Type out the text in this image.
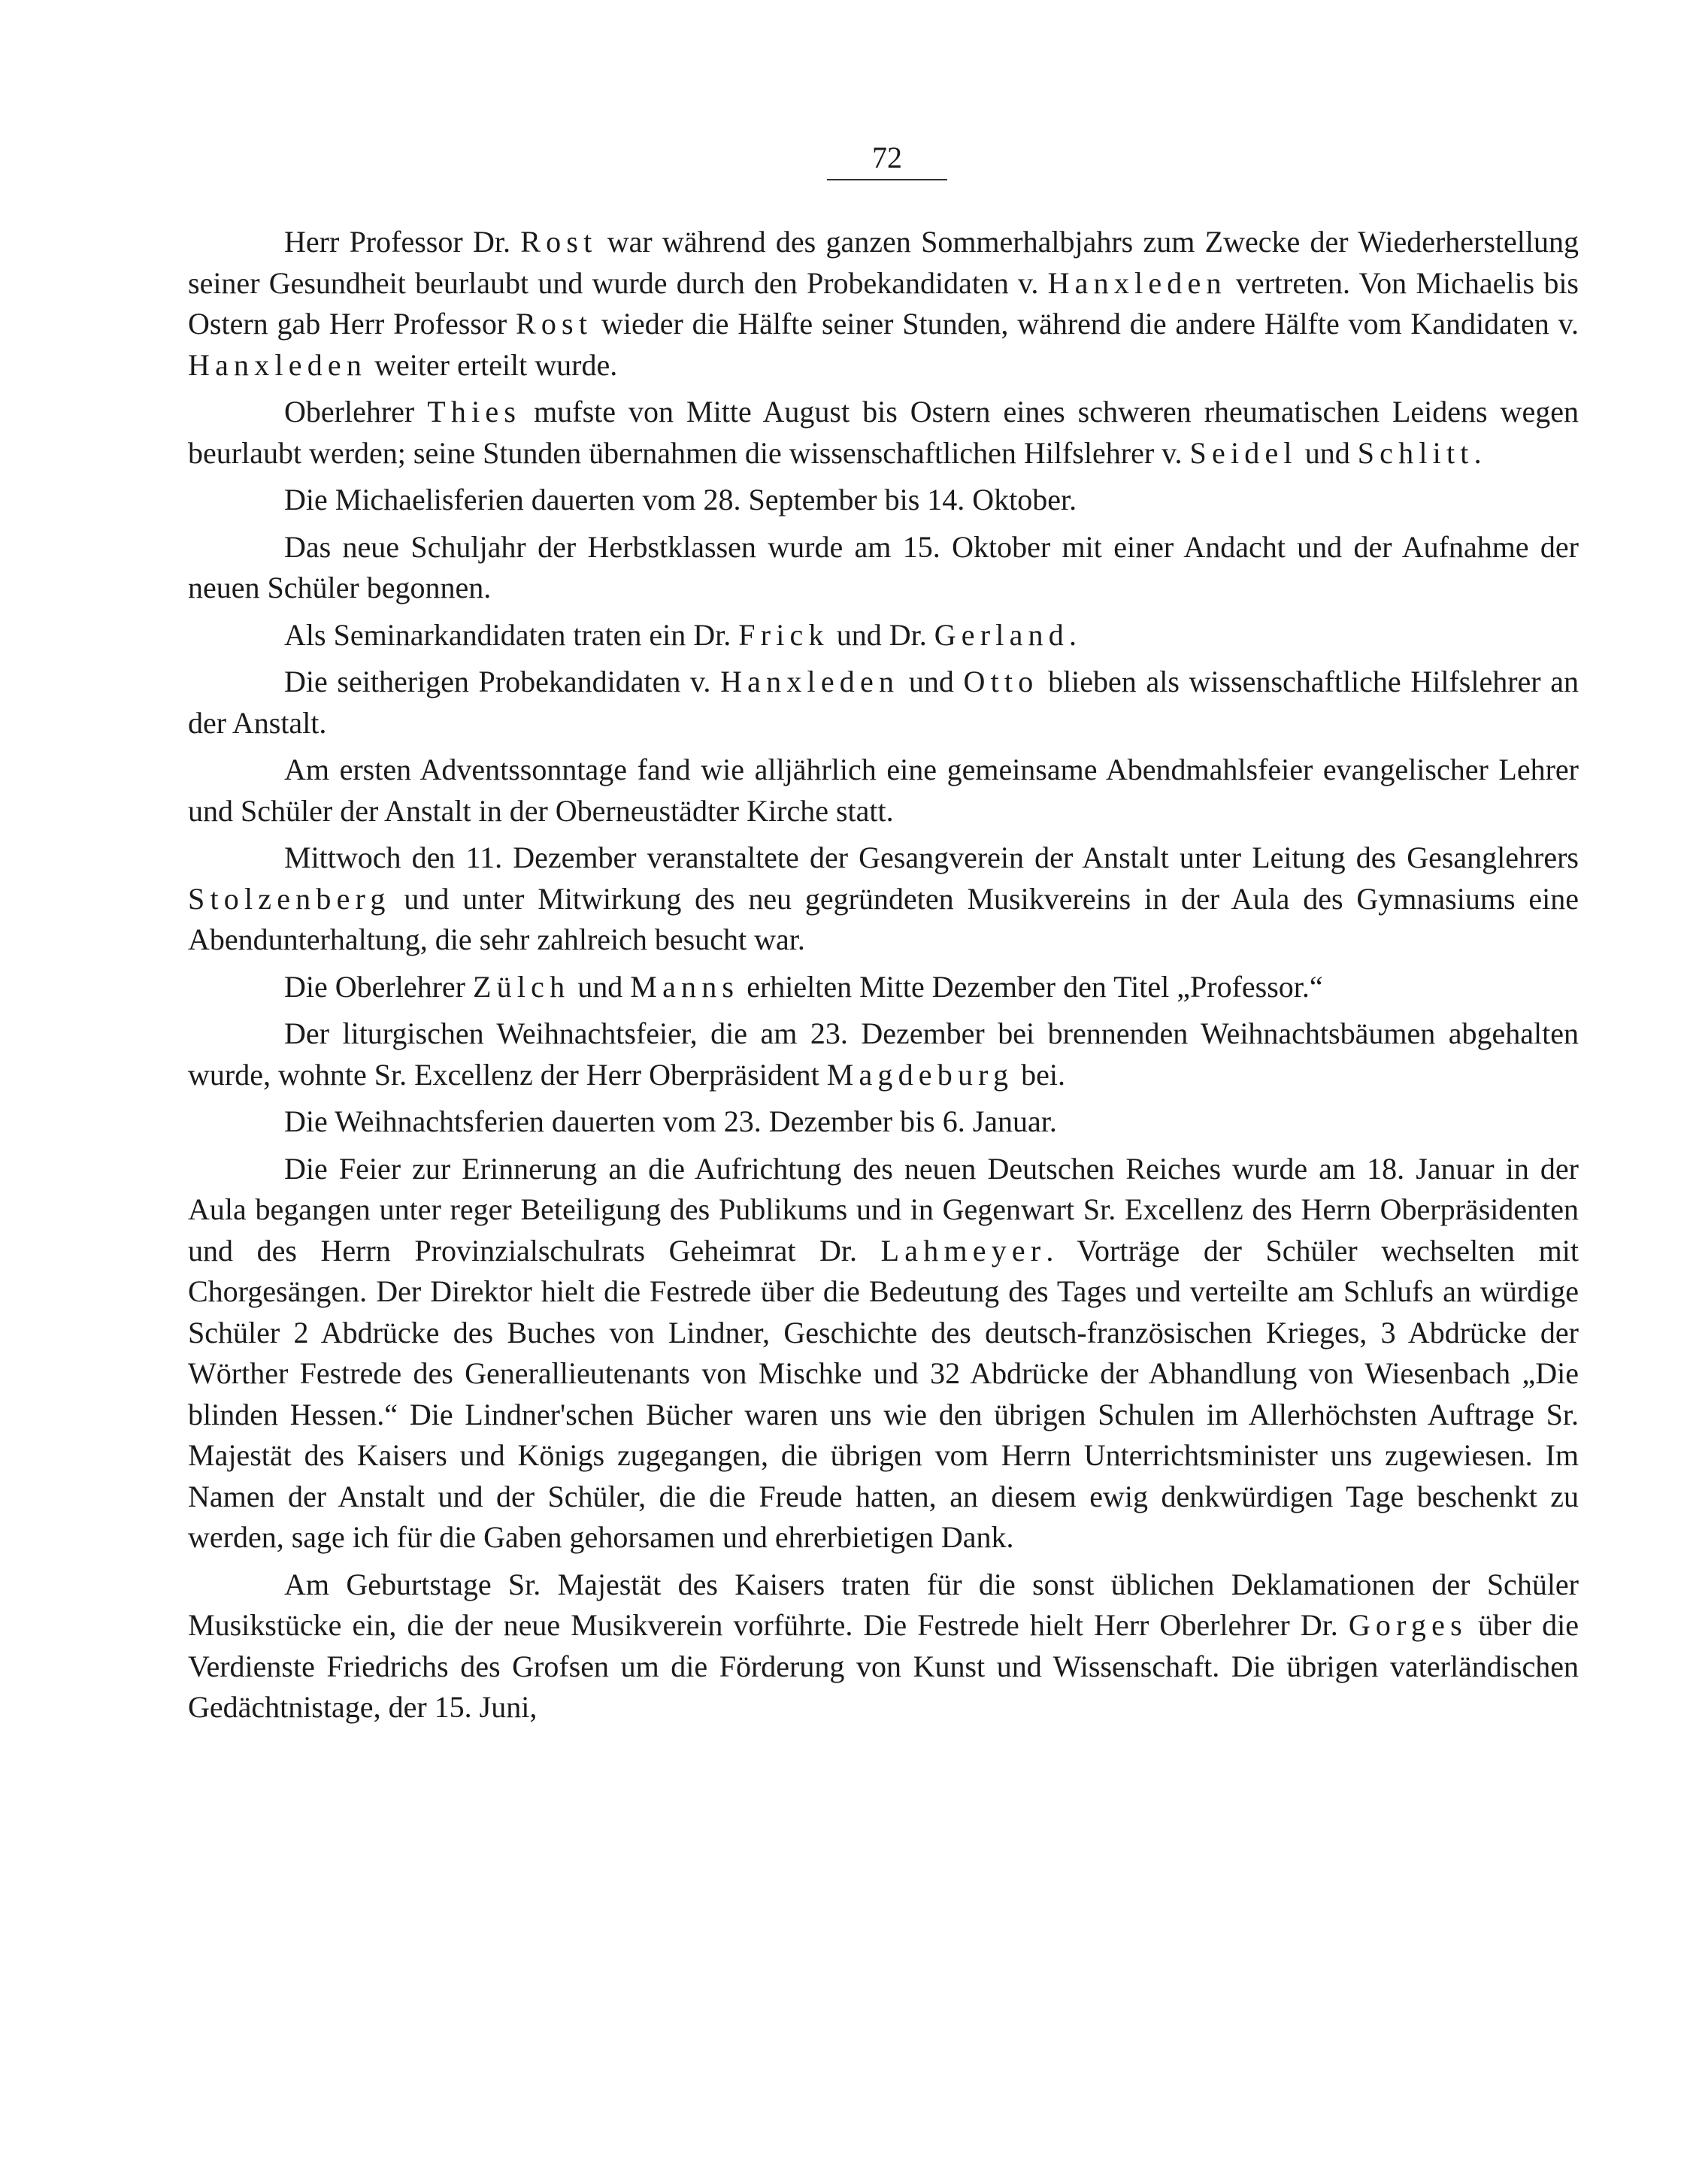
72

Herr Professor Dr. Rost war während des ganzen Sommerhalbjahrs zum Zwecke der Wiederherstellung seiner Gesundheit beurlaubt und wurde durch den Probekandidaten v. Hanxleden vertreten. Von Michaelis bis Ostern gab Herr Professor Rost wieder die Hälfte seiner Stunden, während die andere Hälfte vom Kandidaten v. Hanxleden weiter erteilt wurde.

Oberlehrer Thies mufste von Mitte August bis Ostern eines schweren rheumatischen Leidens wegen beurlaubt werden; seine Stunden übernahmen die wissenschaftlichen Hilfslehrer v. Seidel und Schlitt.

Die Michaelisferien dauerten vom 28. September bis 14. Oktober.

Das neue Schuljahr der Herbstklassen wurde am 15. Oktober mit einer Andacht und der Aufnahme der neuen Schüler begonnen.

Als Seminarkandidaten traten ein Dr. Frick und Dr. Gerland.

Die seitherigen Probekandidaten v. Hanxleden und Otto blieben als wissenschaftliche Hilfslehrer an der Anstalt.

Am ersten Adventssonntage fand wie alljährlich eine gemeinsame Abendmahlsfeier evangelischer Lehrer und Schüler der Anstalt in der Oberneustädter Kirche statt.

Mittwoch den 11. Dezember veranstaltete der Gesangverein der Anstalt unter Leitung des Gesanglehrers Stolzenberg und unter Mitwirkung des neu gegründeten Musikvereins in der Aula des Gymnasiums eine Abendunterhaltung, die sehr zahlreich besucht war.

Die Oberlehrer Zülch und Manns erhielten Mitte Dezember den Titel „Professor.“

Der liturgischen Weihnachtsfeier, die am 23. Dezember bei brennenden Weihnachtsbäumen abgehalten wurde, wohnte Sr. Excellenz der Herr Oberpräsident Magdeburg bei.

Die Weihnachtsferien dauerten vom 23. Dezember bis 6. Januar.

Die Feier zur Erinnerung an die Aufrichtung des neuen Deutschen Reiches wurde am 18. Januar in der Aula begangen unter reger Beteiligung des Publikums und in Gegenwart Sr. Excellenz des Herrn Oberpräsidenten und des Herrn Provinzialschulrats Geheimrat Dr. Lahmeyer. Vorträge der Schüler wechselten mit Chorgesängen. Der Direktor hielt die Festrede über die Bedeutung des Tages und verteilte am Schlufs an würdige Schüler 2 Abdrücke des Buches von Lindner, Geschichte des deutsch-französischen Krieges, 3 Abdrücke der Wörther Festrede des Generallieutenants von Mischke und 32 Abdrücke der Abhandlung von Wiesenbach „Die blinden Hessen.“ Die Lindner'schen Bücher waren uns wie den übrigen Schulen im Allerhöchsten Auftrage Sr. Majestät des Kaisers und Königs zugegangen, die übrigen vom Herrn Unterrichtsminister uns zugewiesen. Im Namen der Anstalt und der Schüler, die die Freude hatten, an diesem ewig denkwürdigen Tage beschenkt zu werden, sage ich für die Gaben gehorsamen und ehrerbietigen Dank.

Am Geburtstage Sr. Majestät des Kaisers traten für die sonst üblichen Deklamationen der Schüler Musikstücke ein, die der neue Musikverein vorführte. Die Festrede hielt Herr Oberlehrer Dr. Gorges über die Verdienste Friedrichs des Grofsen um die Förderung von Kunst und Wissenschaft. Die übrigen vaterländischen Gedächtnistage, der 15. Juni,
